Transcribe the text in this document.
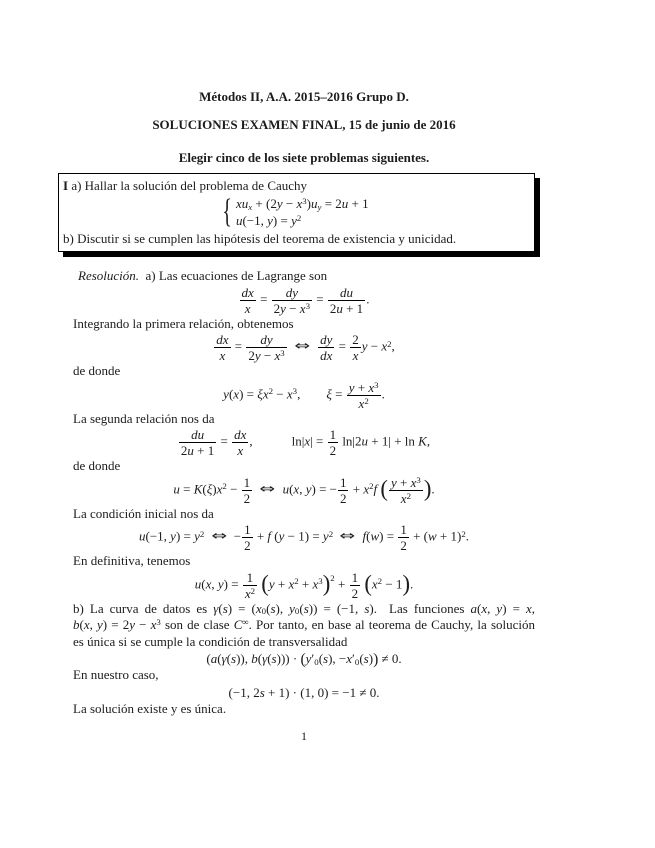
Métodos II, A.A. 2015–2016 Grupo D.
SOLUCIONES EXAMEN FINAL, 15 de junio de 2016
Elegir cinco de los siete problemas siguientes.
I a) Hallar la solución del problema de Cauchy
{ $xu_x + (2y - x^3)u_y = 2u + 1$
u(−1, $y) = y^2$
b) Discutir si se cumplen las hipótesis del teorema de existencia y unicidad.

Resolución.  a) Las ecuaciones de Lagrange son

$\frac{dx}{x} = \frac{dy}{2y - x^3} = \frac{du}{2u + 1}$ .

Integrando la primera relación, obtenemos

$\frac{dx}{x} = \frac{dy}{2y - x^3}$ ⇔ $\frac{dy}{dx} = \frac{2}{x}$ $y - x^2$,

de donde

$y(x) = \xi x^2 - x^3$,  $\xi = \frac{y + x^3}{x^2}$ .

La segunda relación nos da

$\frac{du}{2u + 1} = \frac{dx}{x}$ ,   $\ln|x| = \frac{1}{2} \ln|2u + 1| + \ln K$,

de donde

$u = K(\xi)x^2 - \frac{1}{2}$ ⇔ u(x, y) = − $\frac{1}{2} + x^2f$ ( $\frac{y + x^3}{x^2}$ ).

La condición inicial nos da

u(−1, $y) = y^2$ ⇔ − $\frac{1}{2} + f$ $(y - 1) = y^2$ ⇔ $f(w) = \frac{1}{2} + (w + 1)^2$.

En definitiva, tenemos

u(x, $y) = \frac{1}{x^2} (y + x^2 + x^3)^2 + \frac{1}{2} (x^2 - 1)$.
b) La curva de datos es $\gamma(s) = (x_0(s)$, $y_0(s)) = (-1$, s).  Las funciones a(x, y) = x,
b(x, $y) = 2y - x^3$ son de clase C∞. Por tanto, en base al teorema de Cauchy, la solución
es única si se cumple la condición de transversalidad
(a(γ(s)), $b(\gamma(s))) \cdot (y'_0(s)$, $-x'_0(s)) \ne 0$.

En nuestro caso,

(−1, 2s + 1) · (1, 0) = −1 ≠ 0.

La solución existe y es única.

1
